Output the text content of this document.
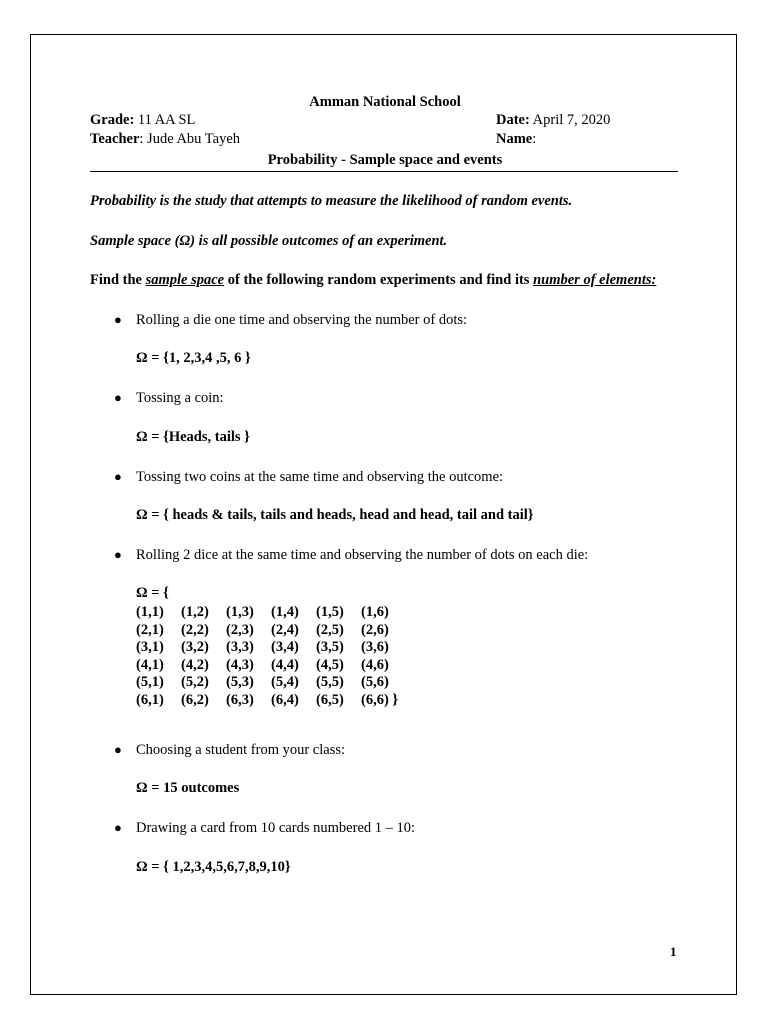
Amman National School
Grade: 11 AA SL
Teacher: Jude Abu Tayeh
Date: April 7, 2020
Name:
Probability - Sample space and events
Probability is the study that attempts to measure the likelihood of random events.
Sample space (Ω) is all possible outcomes of an experiment.
Find the sample space of the following random experiments and find its number of elements:
● Rolling a die one time and observing the number of dots:
Ω = {1, 2,3,4 ,5, 6 }
● Tossing a coin:
Ω = {Heads, tails }
● Tossing two coins at the same time and observing the outcome:
Ω = { heads & tails, tails and heads, head and head, tail and tail}
● Rolling 2 dice at the same time and observing the number of dots on each die:
Ω = {
(1,1)	(1,2)	(1,3)	(1,4)	(1,5)	(1,6)
(2,1)	(2,2)	(2,3)	(2,4)	(2,5)	(2,6)
(3,1)	(3,2)	(3,3)	(3,4)	(3,5)	(3,6)
(4,1)	(4,2)	(4,3)	(4,4)	(4,5)	(4,6)
(5,1)	(5,2)	(5,3)	(5,4)	(5,5)	(5,6)
(6,1)	(6,2)	(6,3)	(6,4)	(6,5)	(6,6) }
● Choosing a student from your class:
Ω = 15 outcomes
● Drawing a card from 10 cards numbered 1 – 10:
Ω = { 1,2,3,4,5,6,7,8,9,10}
1
